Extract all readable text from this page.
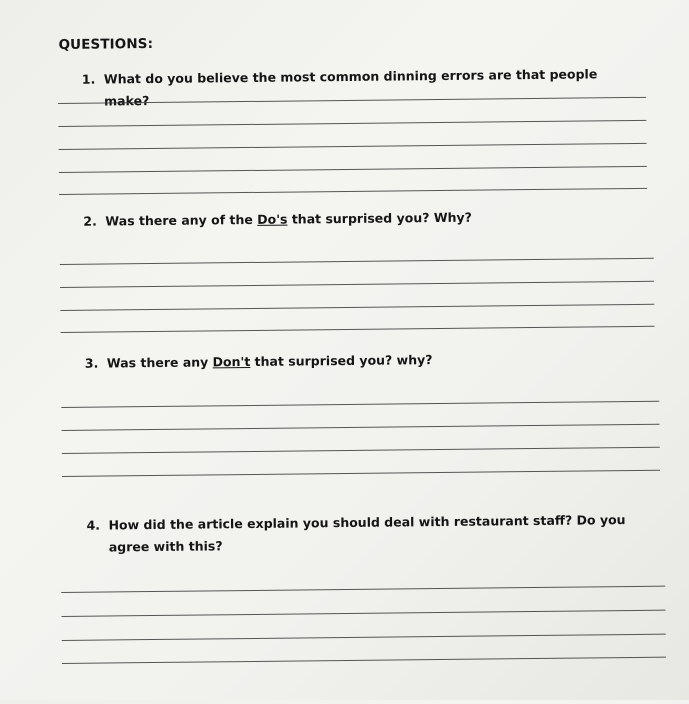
QUESTIONS:
1. What do you believe the most common dinning errors are that people make?
2. Was there any of the Do's that surprised you? Why?
3. Was there any Don't that surprised you? why?
4. How did the article explain you should deal with restaurant staff? Do you agree with this?
